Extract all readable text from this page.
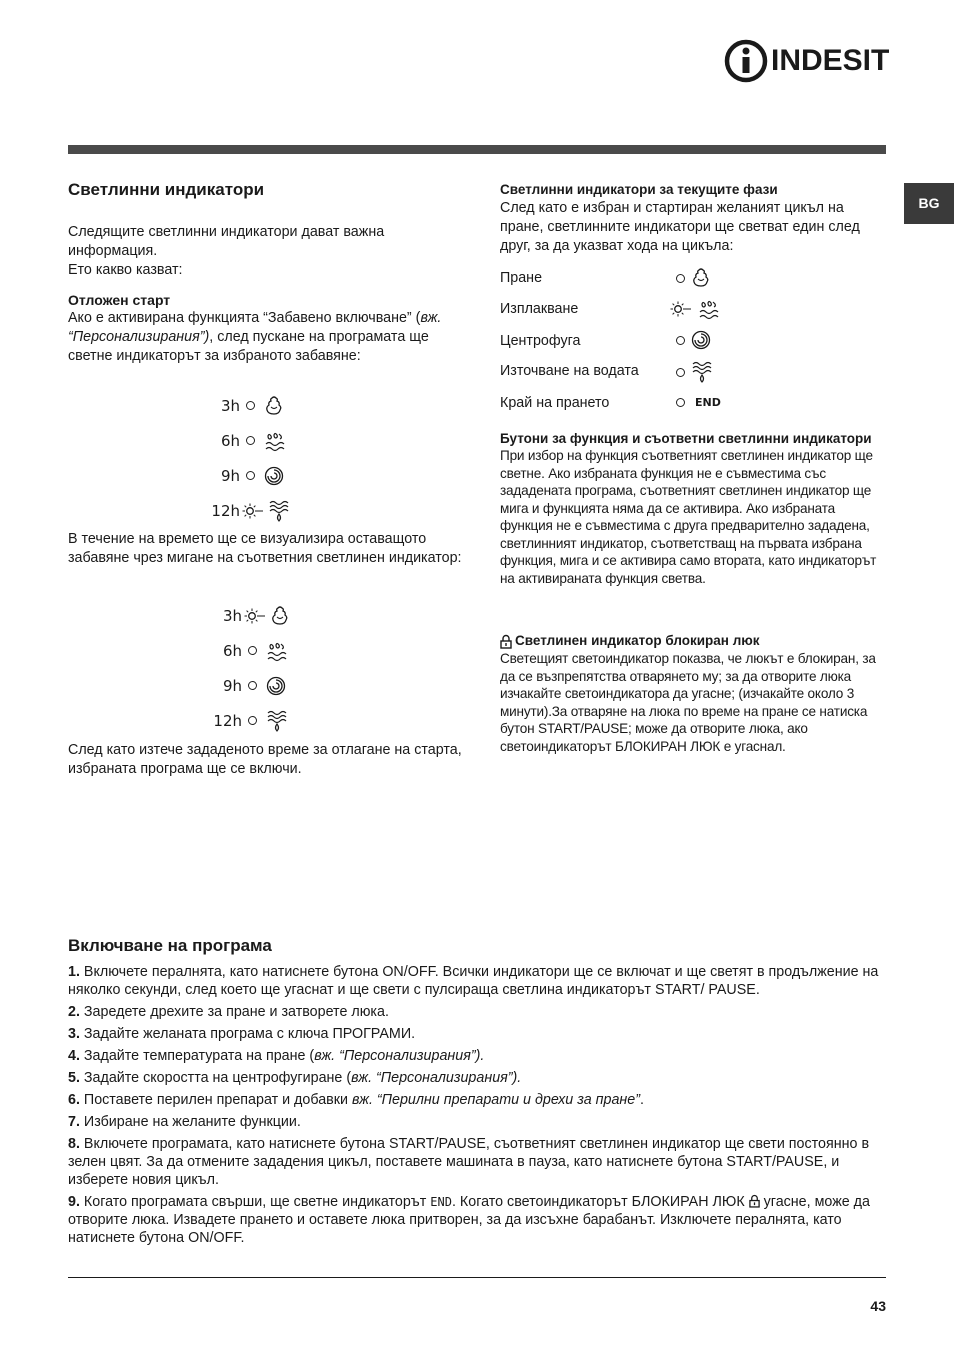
INDESIT
BG
Светлинни индикатори

Следящите светлинни индикатори дават важна

информация.

Ето какво казват:

Отложен старт

Ако е активирана функцията “Забавено включване” (вж. “Персонализирания”), след пускане на програмата ще светне индикаторът за избраното забавяне:

3h
6h
9h
12h

В течение на времето ще се визуализира оставащото забавяне чрез мигане на съответния светлинен индикатор:

3h
6h
9h
12h

След като изтече зададеното време за отлагане на старта, избраната програма ще се включи.

Светлинни индикатори за текущите фази

След като е избран и стартиран желаният цикъл на пране, светлинните индикатори ще светват един след друг, за да указват хода на цикъла:

Пране
Изплакване
Центрофуга
Източване на водата
Край на прането	END

Бутони за функция и съответни светлинни индикатори

При избор на функция съответният светлинен индикатор ще светне. Ако избраната функция не е съвместима със зададената програма, съответният светлинен индикатор ще мига и функцията няма да се активира. Ако избраната функция не е съвместима с друга предварително зададена, светлинният индикатор, съответстващ на първата избрана функция, мига и се активира само втората, като индикаторът на активираната функция светва.

Светлинен индикатор блокиран люк

Светещият светоиндикатор показва, че люкът е блокиран, за да се възпрепятства отварянето му; за да отворите люка изчакайте светоиндикатора да угасне; (изчакайте около 3 минути).За отваряне на люка по време на пране се натиска бутон START/PAUSE; може да отворите люка, ако светоиндикаторът БЛОКИРАН ЛЮК е угаснал.

Включване на програма

1. Включете пералнята, като натиснете бутона ON/OFF. Всички индикатори ще се включат и ще светят в продължение на няколко секунди, след което ще угаснат и ще свети с пулсираща светлина индикаторът START/ PAUSE.

2. Заредете дрехите за пране и затворете люка.

3. Задайте желаната програма с ключа ПРОГРАМИ.

4. Задайте температурата на пране (вж. “Персонализирания”).

5. Задайте скоростта на центрофугиране (вж. “Персонализирания”).

6. Поставете перилен препарат и добавки вж. “Перилни препарати и дрехи за пране”.

7. Избиране на желаните функции.

8. Включете програмата, като натиснете бутона START/PAUSE, съответният светлинен индикатор ще свети постоянно в зелен цвят. За да отмените зададения цикъл, поставете машината в пауза, като натиснете бутона START/PAUSE, и изберете новия цикъл.

9. Когато програмата свърши, ще светне индикаторът END. Когато светоиндикаторът БЛОКИРАН ЛЮК угасне, може да отворите люка. Извадете прането и оставете люка притворен, за да изсъхне барабанът. Изключете пералнята, като натиснете бутона ON/OFF.

43
